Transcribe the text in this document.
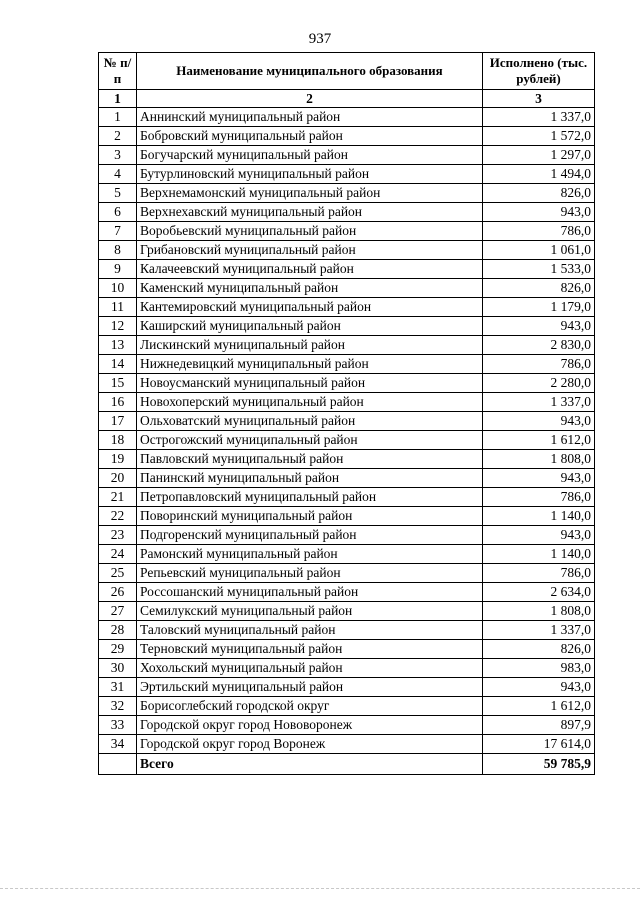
937
№ п/п	Наименование муниципального образования	Исполнено (тыс. рублей)
1	2	3
1	Аннинский муниципальный район	1 337,0
2	Бобровский муниципальный район	1 572,0
3	Богучарский муниципальный район	1 297,0
4	Бутурлиновский муниципальный район	1 494,0
5	Верхнемамонский муниципальный район	826,0
6	Верхнехавский муниципальный район	943,0
7	Воробьевский муниципальный район	786,0
8	Грибановский муниципальный район	1 061,0
9	Калачеевский муниципальный район	1 533,0
10	Каменский муниципальный район	826,0
11	Кантемировский муниципальный район	1 179,0
12	Каширский муниципальный район	943,0
13	Лискинский муниципальный район	2 830,0
14	Нижнедевицкий муниципальный район	786,0
15	Новоусманский муниципальный район	2 280,0
16	Новохоперский муниципальный район	1 337,0
17	Ольховатский муниципальный район	943,0
18	Острогожский муниципальный район	1 612,0
19	Павловский муниципальный район	1 808,0
20	Панинский муниципальный район	943,0
21	Петропавловский муниципальный район	786,0
22	Поворинский муниципальный район	1 140,0
23	Подгоренский муниципальный район	943,0
24	Рамонский муниципальный район	1 140,0
25	Репьевский муниципальный район	786,0
26	Россошанский муниципальный район	2 634,0
27	Семилукский муниципальный район	1 808,0
28	Таловский муниципальный район	1 337,0
29	Терновский муниципальный район	826,0
30	Хохольский муниципальный район	983,0
31	Эртильский муниципальный район	943,0
32	Борисоглебский городской округ	1 612,0
33	Городской округ город Нововоронеж	897,9
34	Городской округ город Воронеж	17 614,0
	Всего	59 785,9
